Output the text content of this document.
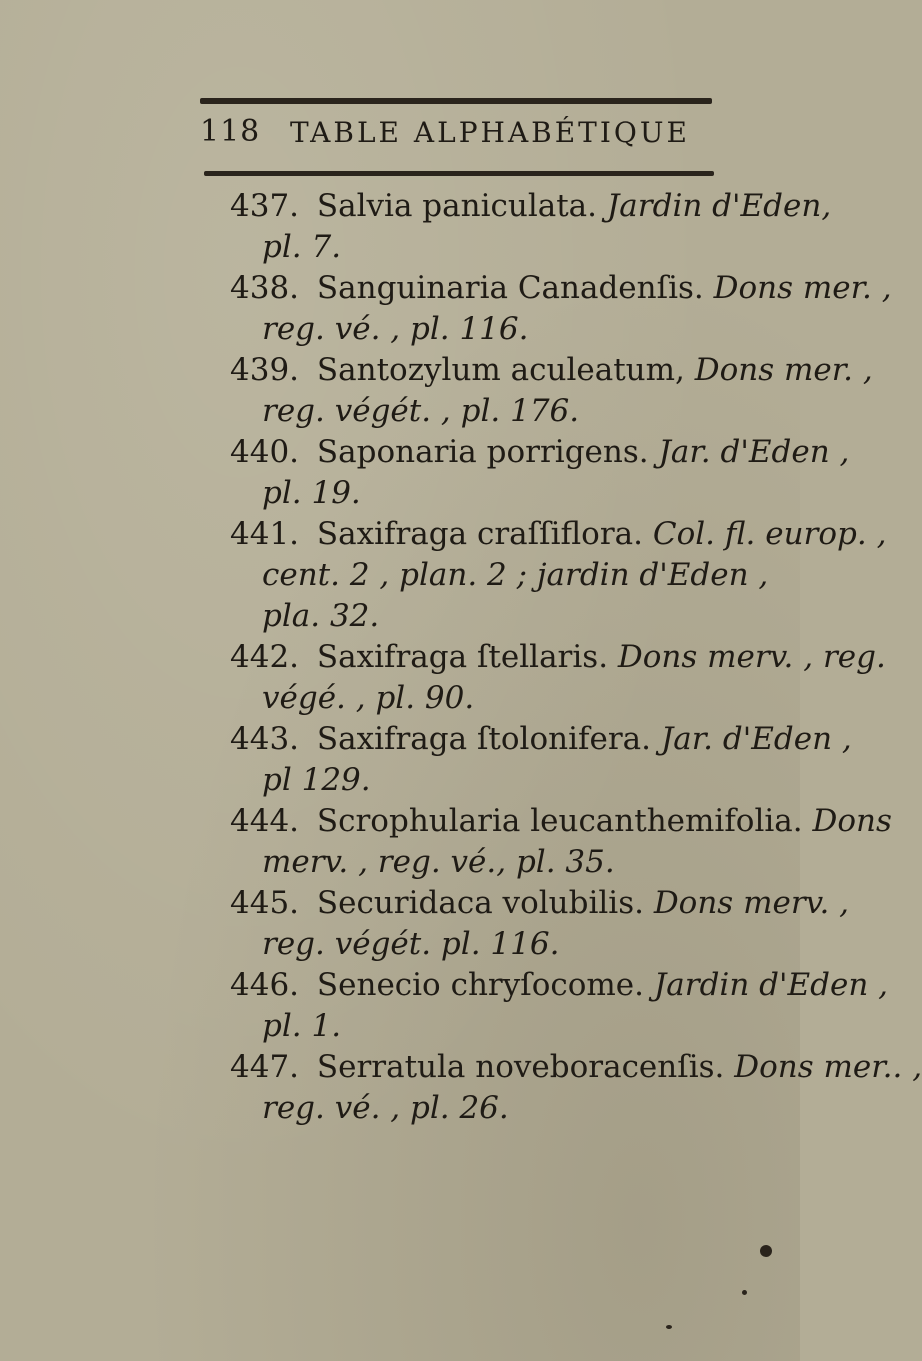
118 TABLE ALPHABÉTIQUE
437. Salvia paniculata. Jardin d'Eden,
pl. 7.
438. Sanguinaria Canadenſis. Dons mer. ,
reg. vé. , pl. 116.
439. Santozylum aculeatum, Dons mer. ,
reg. végét. , pl. 176.
440. Saponaria porrigens. Jar. d'Eden ,
pl. 19.
441. Saxifraga craſſiflora. Col. fl. europ. ,
cent. 2 , plan. 2 ; jardin d'Eden ,
pla. 32.
442. Saxifraga ſtellaris. Dons merv. , reg.
végé. , pl. 90.
443. Saxifraga ſtolonifera. Jar. d'Eden ,
pl 129.
444. Scrophularia leucanthemifolia. Dons
merv. , reg. vé., pl. 35.
445. Securidaca volubilis. Dons merv. ,
reg. végét. pl. 116.
446. Senecio chryſocome. Jardin d'Eden ,
pl. 1.
447. Serratula noveboracenſis. Dons mer.. ,
reg. vé. , pl. 26.
